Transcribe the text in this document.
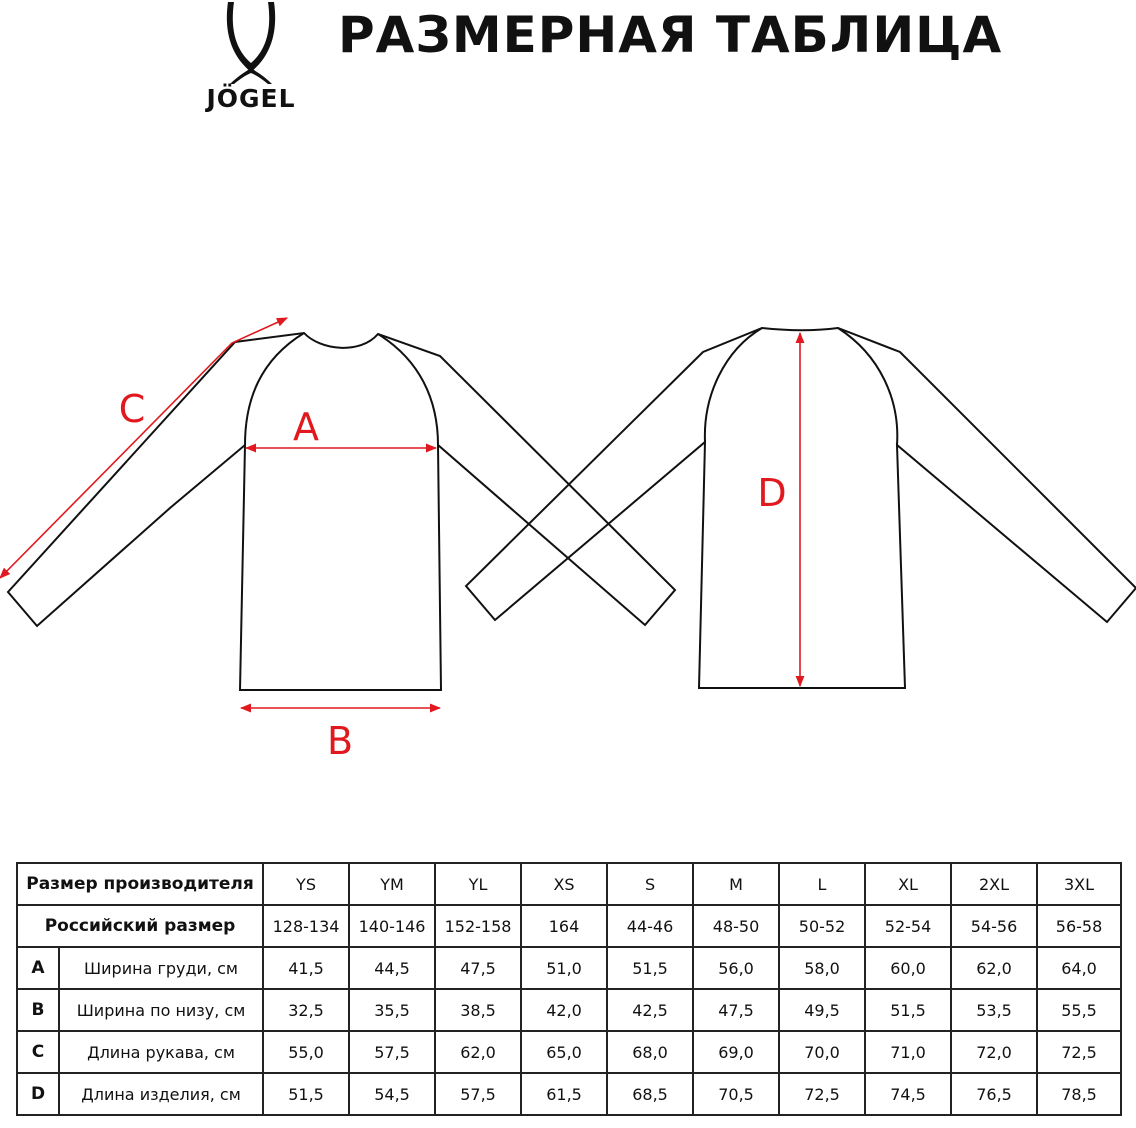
JÖGEL
РАЗМЕРНАЯ ТАБЛИЦА
A
B
C
D
Размер производителя		YS	YM	YL	XS	S	M	L	XL	2XL	3XL
Российский размер		128-134	140-146	152-158	164	44-46	48-50	50-52	52-54	54-56	56-58
A	Ширина груди, см	41,5	44,5	47,5	51,0	51,5	56,0	58,0	60,0	62,0	64,0
B	Ширина по низу, см	32,5	35,5	38,5	42,0	42,5	47,5	49,5	51,5	53,5	55,5
C	Длина рукава, см	55,0	57,5	62,0	65,0	68,0	69,0	70,0	71,0	72,0	72,5
D	Длина изделия, см	51,5	54,5	57,5	61,5	68,5	70,5	72,5	74,5	76,5	78,5
